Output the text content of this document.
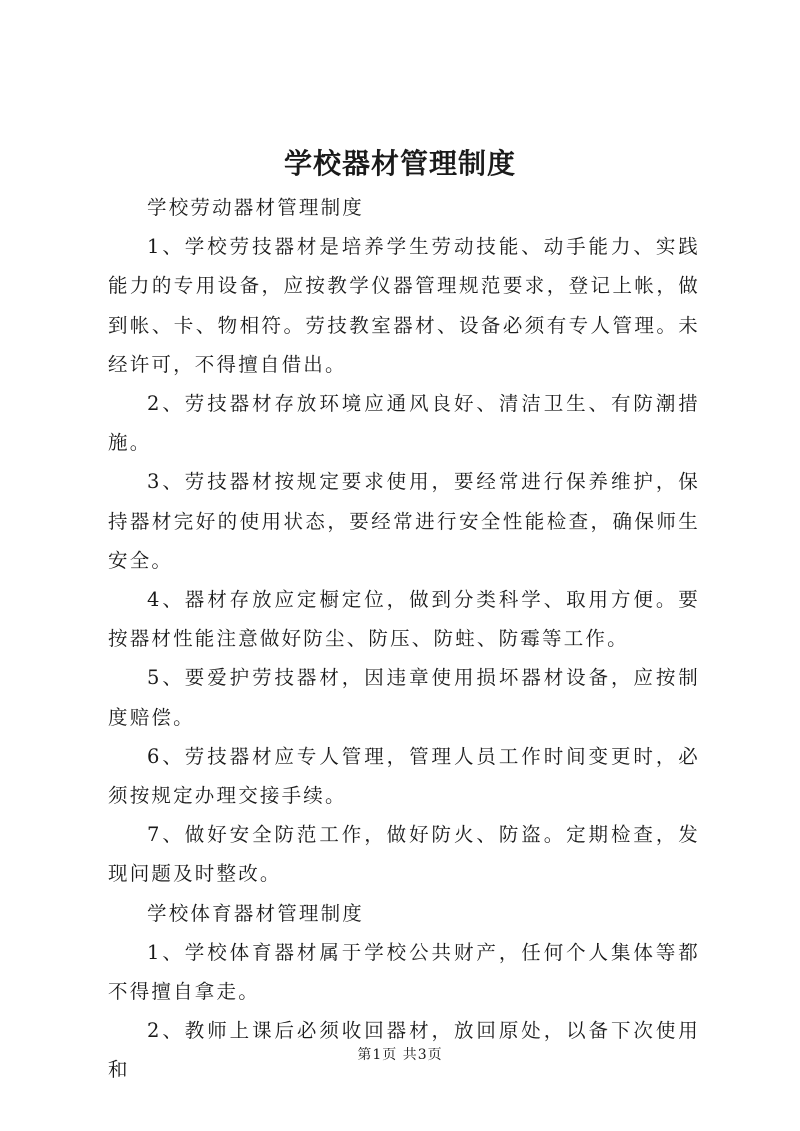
学校器材管理制度

学校劳动器材管理制度

1、学校劳技器材是培养学生劳动技能、动手能力、实践能力的专用设备，应按教学仪器管理规范要求，登记上帐，做到帐、卡、物相符。劳技教室器材、设备必须有专人管理。未经许可，不得擅自借出。

2、劳技器材存放环境应通风良好、清洁卫生、有防潮措施。

3、劳技器材按规定要求使用，要经常进行保养维护，保持器材完好的使用状态，要经常进行安全性能检查，确保师生安全。

4、器材存放应定橱定位，做到分类科学、取用方便。要按器材性能注意做好防尘、防压、防蛀、防霉等工作。

5、要爱护劳技器材，因违章使用损坏器材设备，应按制度赔偿。

6、劳技器材应专人管理，管理人员工作时间变更时，必须按规定办理交接手续。

7、做好安全防范工作，做好防火、防盗。定期检查，发现问题及时整改。

学校体育器材管理制度

1、学校体育器材属于学校公共财产，任何个人集体等都不得擅自拿走。

2、教师上课后必须收回器材，放回原处，以备下次使用和

第1页 共3页
